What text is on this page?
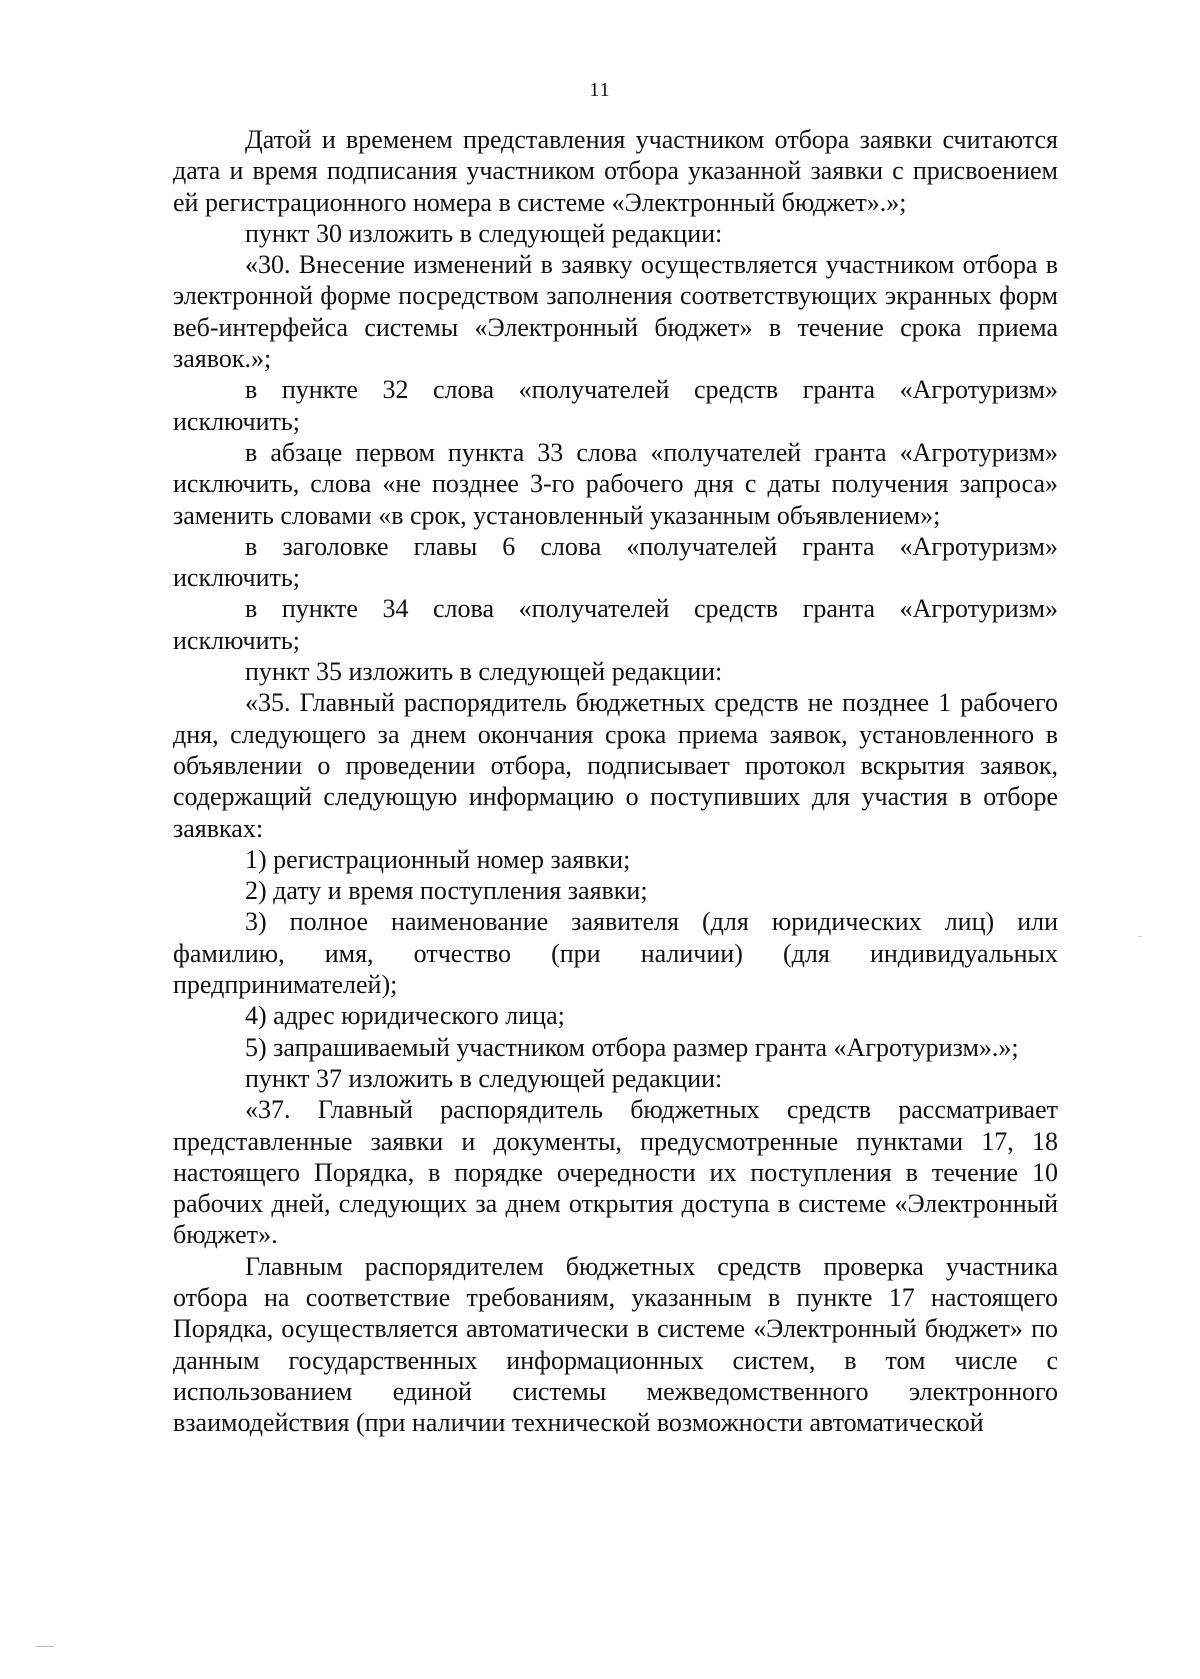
11

Датой и временем представления участником отбора заявки считаются дата и время подписания участником отбора указанной заявки с присвоением ей регистрационного номера в системе «Электронный бюджет».»;

пункт 30 изложить в следующей редакции:

«30. Внесение изменений в заявку осуществляется участником отбора в электронной форме посредством заполнения соответствующих экранных форм веб-интерфейса системы «Электронный бюджет» в течение срока приема заявок.»;

в пункте 32 слова «получателей средств гранта «Агротуризм» исключить;

в абзаце первом пункта 33 слова «получателей гранта «Агротуризм» исключить, слова «не позднее 3-го рабочего дня с даты получения запроса» заменить словами «в срок, установленный указанным объявлением»;

в заголовке главы 6 слова «получателей гранта «Агротуризм» исключить;

в пункте 34 слова «получателей средств гранта «Агротуризм» исключить;

пункт 35 изложить в следующей редакции:

«35. Главный распорядитель бюджетных средств не позднее 1 рабочего дня, следующего за днем окончания срока приема заявок, установленного в объявлении о проведении отбора, подписывает протокол вскрытия заявок, содержащий следующую информацию о поступивших для участия в отборе заявках:

1) регистрационный номер заявки;

2) дату и время поступления заявки;

3) полное наименование заявителя (для юридических лиц) или фамилию, имя, отчество (при наличии) (для индивидуальных предпринимателей);

4) адрес юридического лица;

5) запрашиваемый участником отбора размер гранта «Агротуризм».»;

пункт 37 изложить в следующей редакции:

«37. Главный распорядитель бюджетных средств рассматривает представленные заявки и документы, предусмотренные пунктами 17, 18 настоящего Порядка, в порядке очередности их поступления в течение 10 рабочих дней, следующих за днем открытия доступа в системе «Электронный бюджет».

Главным распорядителем бюджетных средств проверка участника отбора на соответствие требованиям, указанным в пункте 17 настоящего Порядка, осуществляется автоматически в системе «Электронный бюджет» по данным государственных информационных систем, в том числе с использованием единой системы межведомственного электронного взаимодействия (при наличии технической возможности автоматической
